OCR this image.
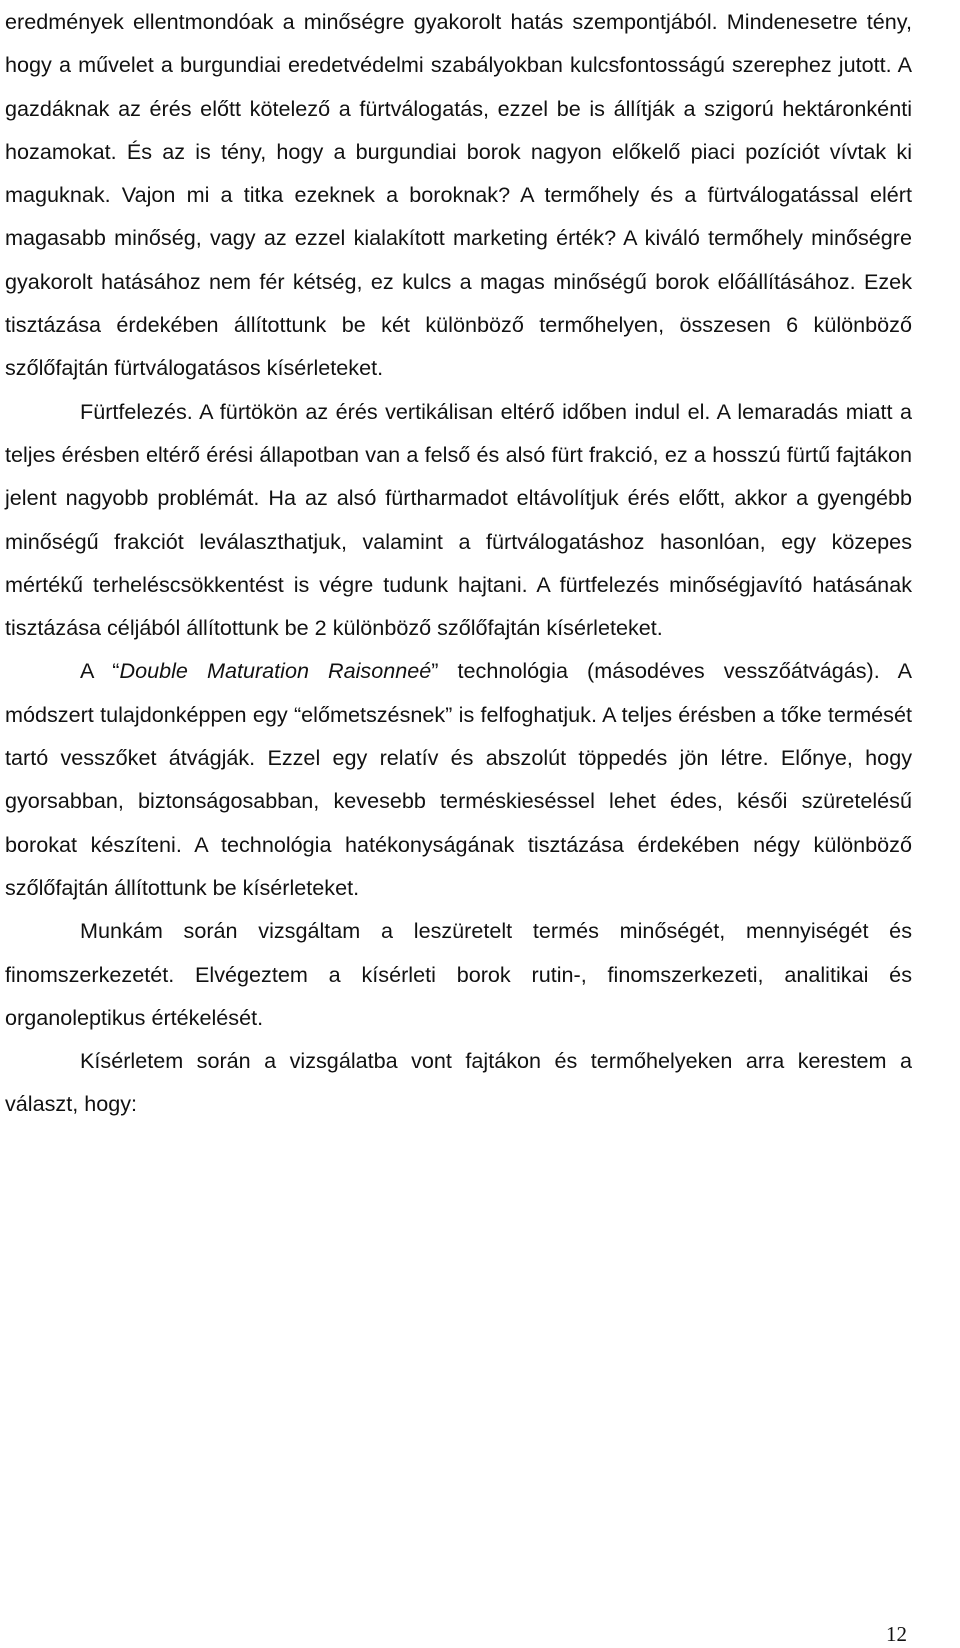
eredmények ellentmondóak a minőségre gyakorolt hatás szempontjából. Mindenesetre tény, hogy a művelet a burgundiai eredetvédelmi szabályokban kulcsfontosságú szerephez jutott. A gazdáknak az érés előtt kötelező a fürtválogatás, ezzel be is állítják a szigorú hektáronkénti hozamokat. És az is tény, hogy a burgundiai borok nagyon előkelő piaci pozíciót vívtak ki maguknak. Vajon mi a titka ezeknek a boroknak? A termőhely és a fürtválogatással elért magasabb minőség, vagy az ezzel kialakított marketing érték? A kiváló termőhely minőségre gyakorolt hatásához nem fér kétség, ez kulcs a magas minőségű borok előállításához. Ezek tisztázása érdekében állítottunk be két különböző termőhelyen, összesen 6 különböző szőlőfajtán fürtválogatásos kísérleteket.

Fürtfelezés. A fürtökön az érés vertikálisan eltérő időben indul el. A lemaradás miatt a teljes érésben eltérő érési állapotban van a felső és alsó fürt frakció, ez a hosszú fürtű fajtákon jelent nagyobb problémát. Ha az alsó fürtharmadot eltávolítjuk érés előtt, akkor a gyengébb minőségű frakciót leválaszthatjuk, valamint a fürtválogatáshoz hasonlóan, egy közepes mértékű terheléscsökkentést is végre tudunk hajtani. A fürtfelezés minőségjavító hatásának tisztázása céljából állítottunk be 2 különböző szőlőfajtán kísérleteket.

A “Double Maturation Raisonneé” technológia (másodéves vesszőátvágás). A módszert tulajdonképpen egy “előmetszésnek” is felfoghatjuk. A teljes érésben a tőke termését tartó vesszőket átvágják. Ezzel egy relatív és abszolút töppedés jön létre. Előnye, hogy gyorsabban, biztonságosabban, kevesebb terméskieséssel lehet édes, késői szüretelésű borokat készíteni. A technológia hatékonyságának tisztázása érdekében négy különböző szőlőfajtán állítottunk be kísérleteket.

Munkám során vizsgáltam a leszüretelt termés minőségét, mennyiségét és finomszerkezetét. Elvégeztem a kísérleti borok rutin-, finomszerkezeti, analitikai és organoleptikus értékelését.

Kísérletem során a vizsgálatba vont fajtákon és termőhelyeken arra kerestem a választ, hogy:

12
